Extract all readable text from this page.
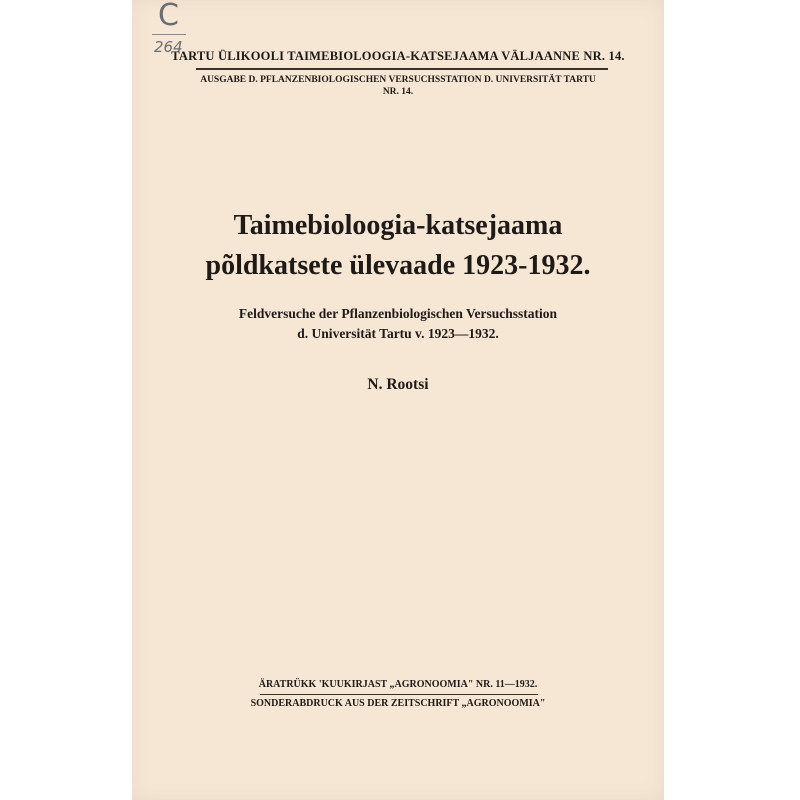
C
264
TARTU ÜLIKOOLI TAIMEBIOLOOGIA-KATSEJAAMA VÄLJAANNE NR. 14.
AUSGABE D. PFLANZENBIOLOGISCHEN VERSUCHSSTATION D. UNIVERSITÄT TARTU
NR. 14.
Taimebioloogia-katsejaama
põldkatsete ülevaade 1923-1932.
Feldversuche der Pflanzenbiologischen Versuchsstation
d. Universität Tartu v. 1923—1932.
N. Rootsi
ÄRATRÜKK 'KUUKIRJAST „AGRONOOMIA" NR. 11—1932.
SONDERABDRUCK AUS DER ZEITSCHRIFT „AGRONOOMIA"
